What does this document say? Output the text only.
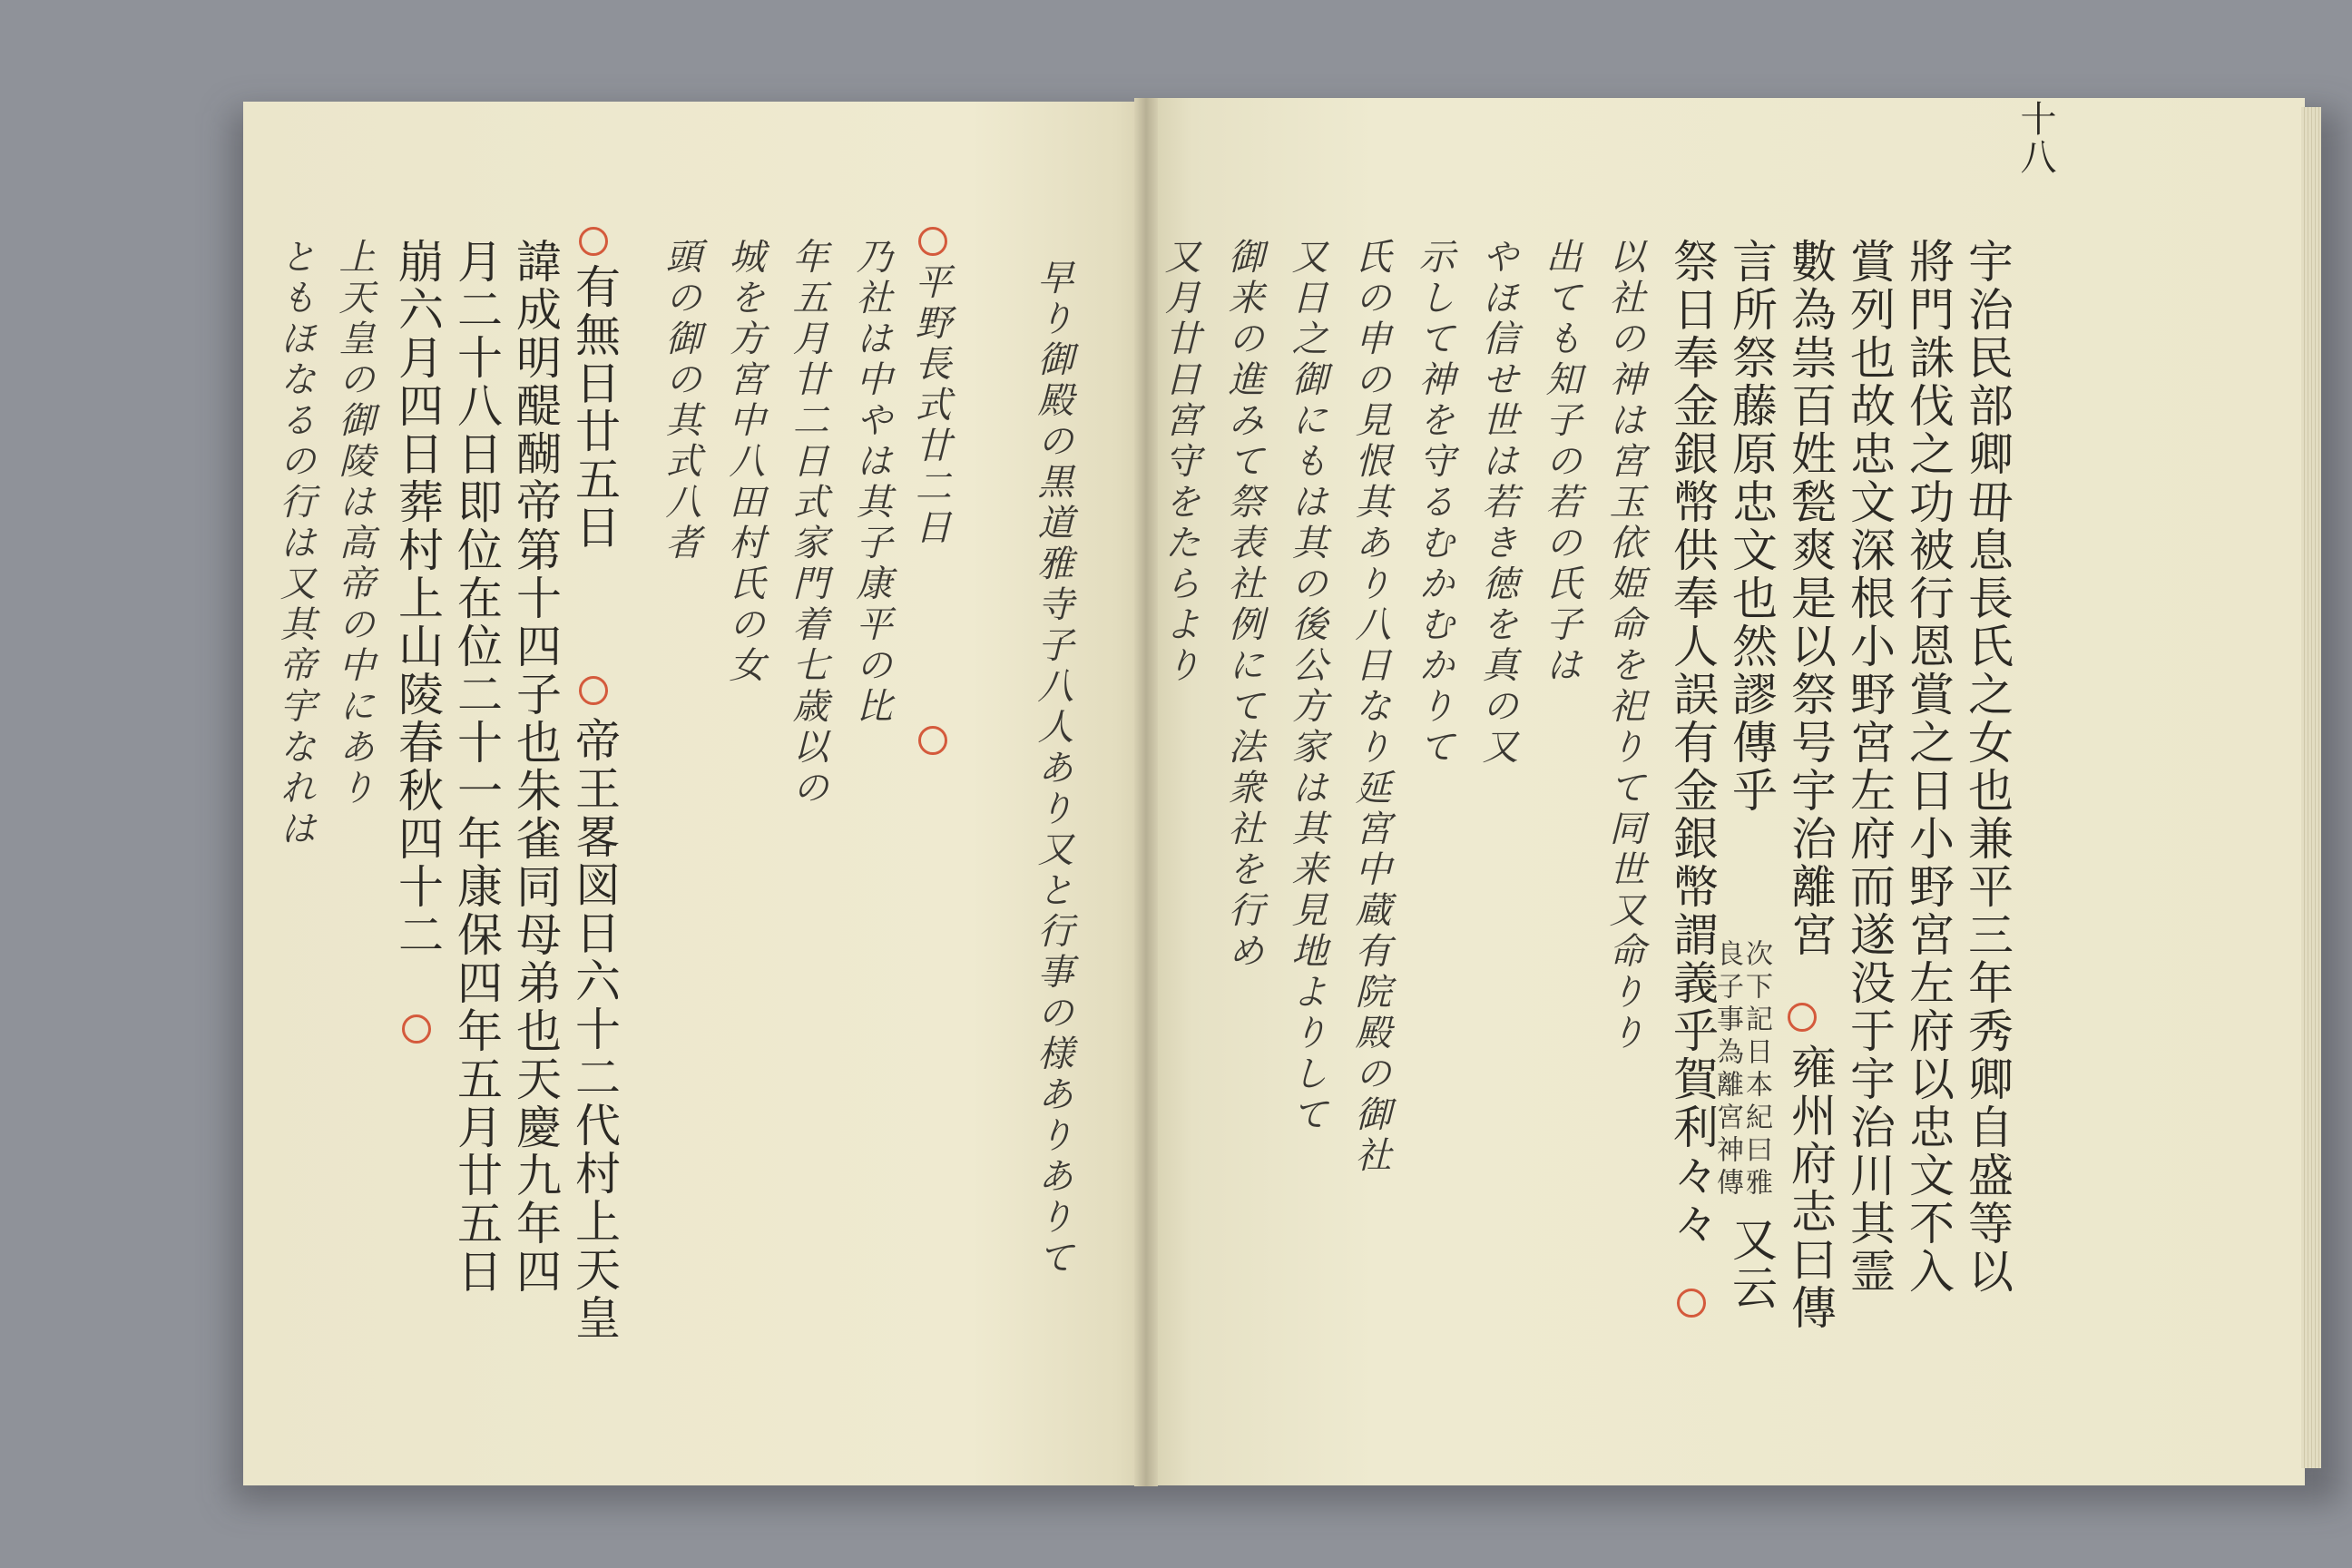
十八
宇治民部卿毌息長氏之女也兼平三年秀卿自盛等以
將門誅伐之功被行恩賞之日小野宮左府以忠文不入
賞列也故忠文深根小野宮左府而遂没于宇治川其霊
數為祟百姓甃爽是以祭号宇治離宮
雍州府志曰傳
言所祭藤原忠文也然謬傳乎
次下記日本紀曰雅
良子事為離宮神傳
又云
祭日奉金銀幣供奉人誤有金銀幣謂義乎賀利々々
以社の神は宮玉依姫命を祀りて同世又命りり
出ても知子の若の氏子は
やほ信せ世は若き徳を真の又
示して神を守るむかむかりて
氏の申の見恨其あり八日なり延宮中蔵有院殿の御社
又日之御にもは其の後公方家は其来見地よりして
御来の進みて祭表社例にて法衆社を行め
又月廿日宮守をたらより
早り御殿の黒道雅寺子八人あり又と行事の様ありありて
平野長式廿二日
乃社は中やは其子康平の比
年五月廿二日式家門着七歳以の
城を方宮中八田村氏の女
頭の御の其式八者
有無日廿五日
帝王畧図日六十二代村上天皇
諱成明醍醐帝第十四子也朱雀同母弟也天慶九年四
月二十八日即位在位二十一年康保四年五月廿五日
崩六月四日葬村上山陵春秋四十二
上天皇の御陵は高帝の中にあり
ともほなるの行は又其帝宇なれは
